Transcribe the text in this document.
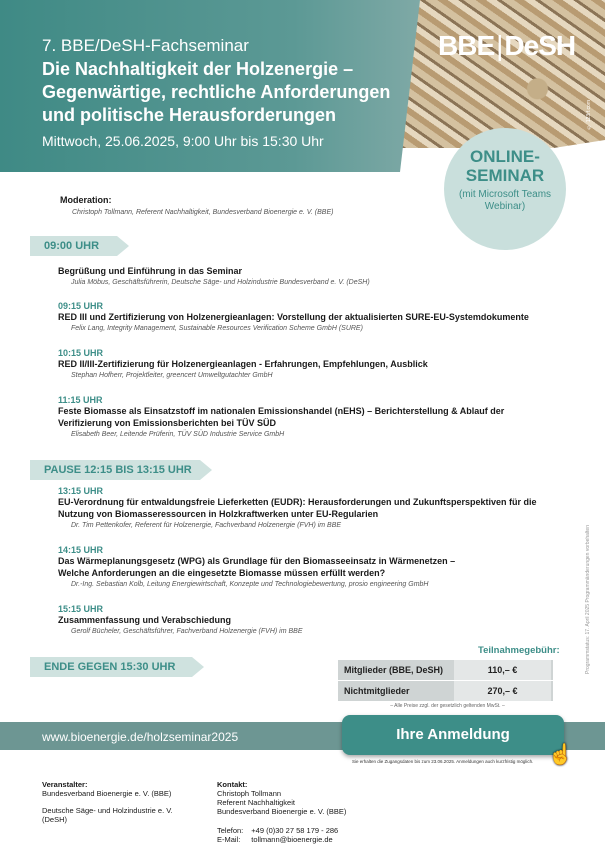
© 123rf.com
7. BBE/DeSH-Fachseminar
Die Nachhaltigkeit der Holzenergie –
Gegenwärtige, rechtliche Anforderungen
und politische Herausforderungen
Mittwoch, 25.06.2025, 9:00 Uhr bis 15:30 Uhr
BBE|DeSH
ONLINE-
SEMINAR
(mit Microsoft Teams
Webinar)
Moderation:
Christoph Tollmann, Referent Nachhaltigkeit, Bundesverband Bioenergie e. V. (BBE)
09:00 UHR
Begrüßung und Einführung in das Seminar
Julia Möbus, Geschäftsführerin, Deutsche Säge- und Holzindustrie Bundesverband e. V. (DeSH)
09:15 UHR
RED III und Zertifizierung von Holzenergieanlagen: Vorstellung der aktualisierten SURE-EU-Systemdokumente
Felix Lang, Integrity Management, Sustainable Resources Verification Scheme GmbH (SURE)
10:15 UHR
RED II/III-Zertifizierung für Holzenergieanlagen - Erfahrungen, Empfehlungen, Ausblick
Stephan Hofherr, Projektleiter, greencert Umweltgutachter GmbH
11:15 UHR
Feste Biomasse als Einsatzstoff im nationalen Emissionshandel (nEHS) – Berichterstellung & Ablauf der
Verifizierung von Emissionsberichten bei TÜV SÜD
Elisabeth Beer, Leitende Prüferin, TÜV SÜD Industrie Service GmbH
PAUSE 12:15 BIS 13:15 UHR
13:15 UHR
EU-Verordnung für entwaldungsfreie Lieferketten (EUDR): Herausforderungen und Zukunftsperspektiven für die
Nutzung von Biomasseressourcen in Holzkraftwerken unter EU-Regularien
Dr. Tim Pettenkofer, Referent für Holzenergie, Fachverband Holzenergie (FVH) im BBE
14:15 UHR
Das Wärmeplanungsgesetz (WPG) als Grundlage für den Biomasseeinsatz in Wärmenetzen –
Welche Anforderungen an die eingesetzte Biomasse müssen erfüllt werden?
Dr.-Ing. Sebastian Kolb, Leitung Energiewirtschaft, Konzepte und Technologiebewertung, prosio engineering GmbH
15:15 UHR
Zusammenfassung und Verabschiedung
Gerolf Bücheler, Geschäftsführer, Fachverband Holzenergie (FVH) im BBE
ENDE GEGEN 15:30 UHR
Teilnahmegebühr:
Mitglieder (BBE, DeSH)	110,– €
Nichtmitglieder	270,– €
– Alle Preise zzgl. der gesetzlich geltenden MwSt. –
Programmstatus: 17. April 2025 Programmänderungen vorbehalten
www.bioenergie.de/holzseminar2025	Ihre Anmeldung
☝
Sie erhalten die Zugangsdaten bis zum 23.06.2025. Anmeldungen auch kurzfristig möglich.
Veranstalter:
Bundesverband Bioenergie e. V. (BBE)
Deutsche Säge- und Holzindustrie e. V.
(DeSH)
Kontakt:
Christoph Tollmann
Referent Nachhaltigkeit
Bundesverband Bioenergie e. V. (BBE)
Telefon:	+49 (0)30 27 58 179 - 286
E-Mail:	tollmann@bioenergie.de
